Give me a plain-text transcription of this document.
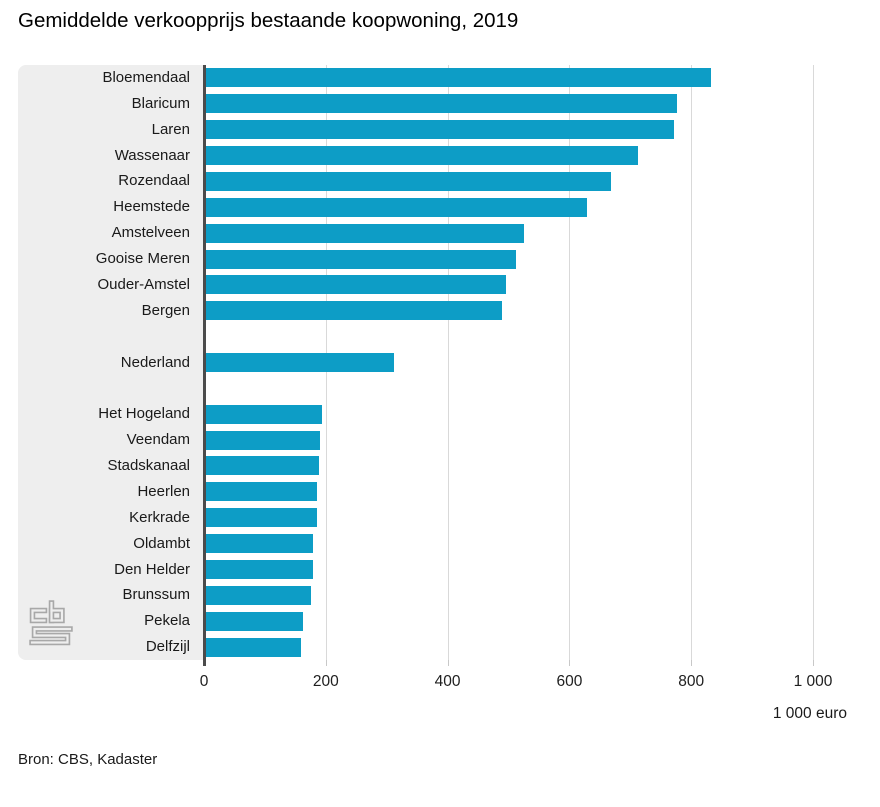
Gemiddelde verkoopprijs bestaande koopwoning, 2019
Bloemendaal
Blaricum
Laren
Wassenaar
Rozendaal
Heemstede
Amstelveen
Gooise Meren
Ouder-Amstel
Bergen
Nederland
Het Hogeland
Veendam
Stadskanaal
Heerlen
Kerkrade
Oldambt
Den Helder
Brunssum
Pekela
Delfzijl
0	200	400	600	800	1 000
1 000 euro
Bron: CBS, Kadaster
